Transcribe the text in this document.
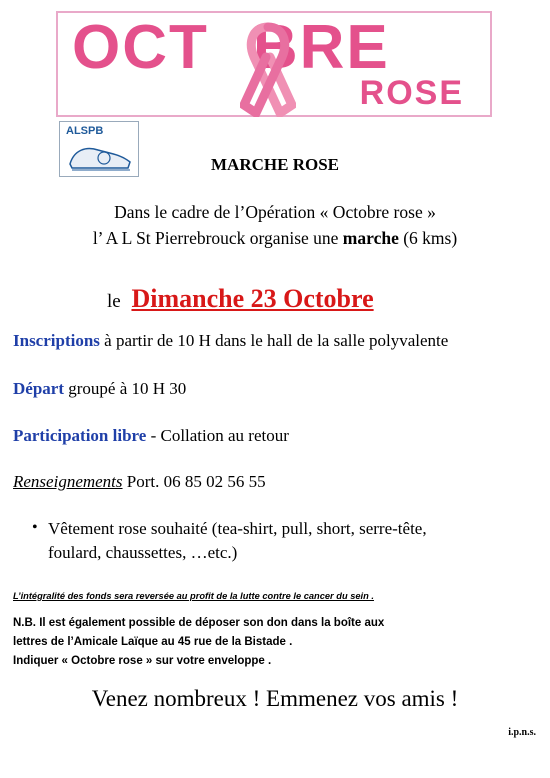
OCT BRE
ROSE
ALSPB
MARCHE ROSE
Dans le cadre de l’Opération « Octobre rose »
l’ A L St Pierrebrouck organise une marche (6 kms)
le Dimanche 23 Octobre
Inscriptions à partir de 10 H dans le hall de la salle polyvalente
Départ groupé à 10 H 30
Participation libre - Collation au retour
Renseignements Port. 06 85 02 56 55
• Vêtement rose souhaité (tea-shirt, pull, short, serre-tête,
foulard, chaussettes, …etc.)
L’intégralité des fonds sera reversée au profit de la lutte contre le cancer du sein .
N.B. Il est également possible de déposer son don dans la boîte aux
lettres de l’Amicale Laïque au 45 rue de la Bistade .
Indiquer « Octobre rose » sur votre enveloppe .
Venez nombreux ! Emmenez vos amis !
i.p.n.s.
